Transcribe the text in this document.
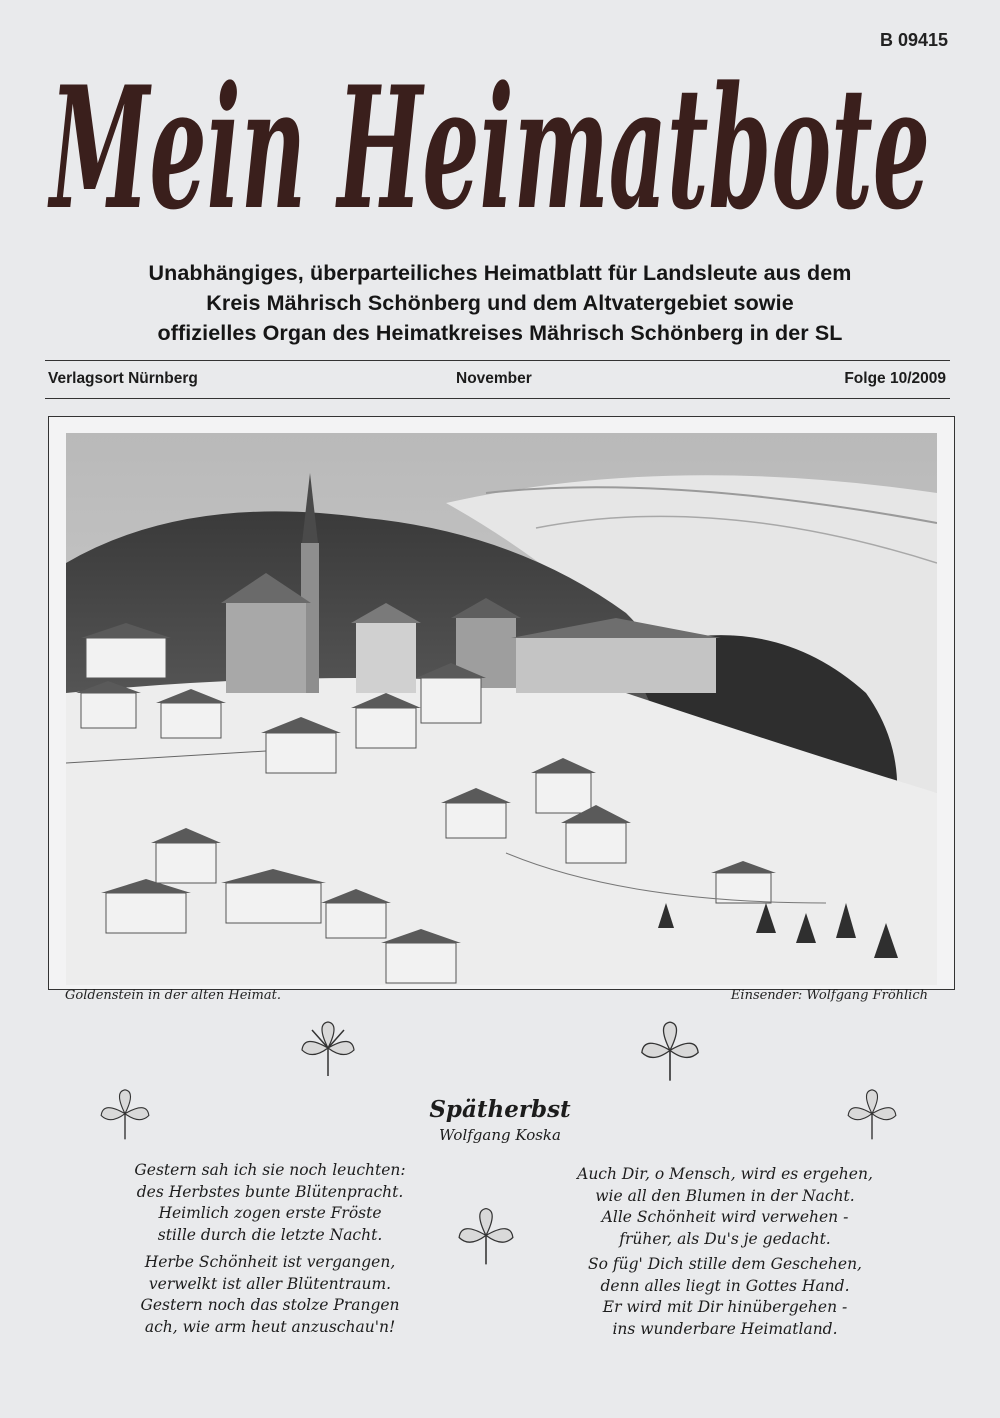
B 09415
Mein Heimatbote
Unabhängiges, überparteiliches Heimatblatt für Landsleute aus dem
Kreis Mährisch Schönberg und dem Altvatergebiet sowie
offizielles Organ des Heimatkreises Mährisch Schönberg in der SL
Verlagsort Nürnberg	November	Folge 10/2009
Goldenstein in der alten Heimat.	Einsender: Wolfgang Fröhlich
Spätherbst
Wolfgang Koska
Gestern sah ich sie noch leuchten:
des Herbstes bunte Blütenpracht.
Heimlich zogen erste Fröste
stille durch die letzte Nacht.
Herbe Schönheit ist vergangen,
verwelkt ist aller Blütentraum.
Gestern noch das stolze Prangen
ach, wie arm heut anzuschau'n!
Auch Dir, o Mensch, wird es ergehen,
wie all den Blumen in der Nacht.
Alle Schönheit wird verwehen -
früher, als Du's je gedacht.
So füg' Dich stille dem Geschehen,
denn alles liegt in Gottes Hand.
Er wird mit Dir hinübergehen -
ins wunderbare Heimatland.
